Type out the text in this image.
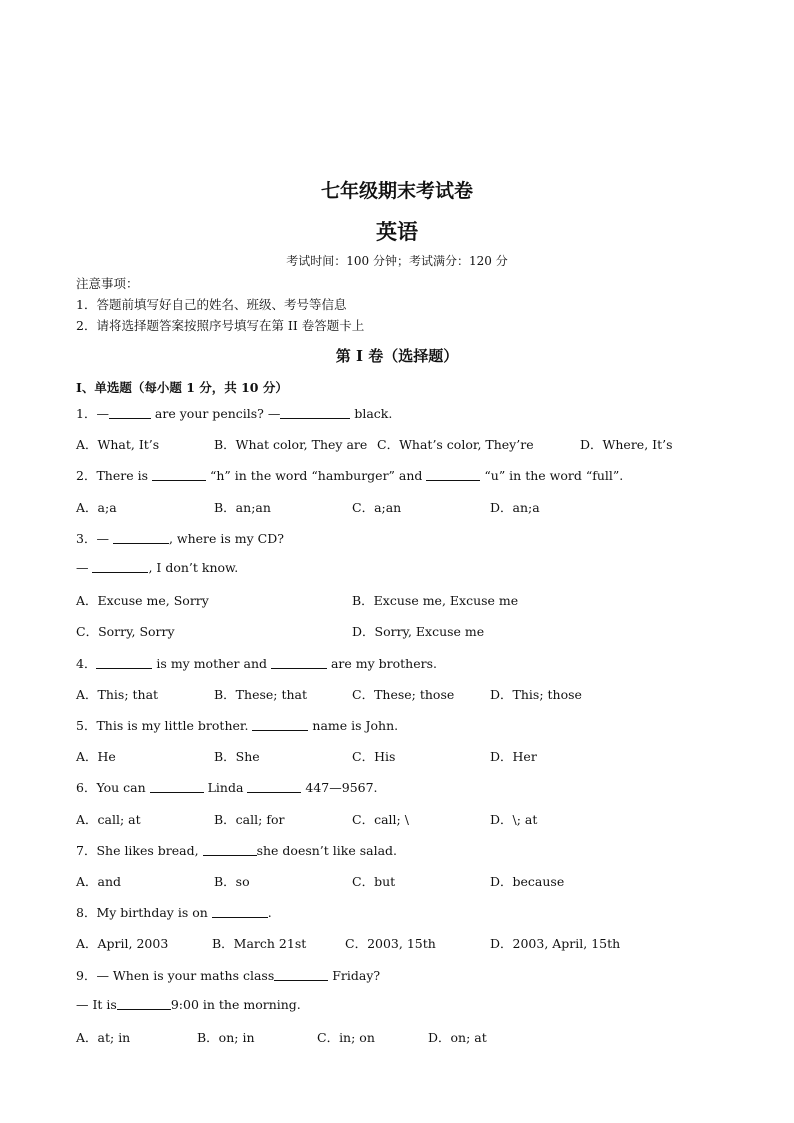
七年级期末考试卷
英语
考试时间：100 分钟；考试满分：120 分
注意事项：
1．答题前填写好自己的姓名、班级、考号等信息
2．请将选择题答案按照序号填写在第 II 卷答题卡上
第 I 卷（选择题）
I、单选题（每小题 1 分，共 10 分）
1．—	are your pencils? —	black.
A．What, It’s	B．What color, They are C．What’s color, They’re	D．Where, It’s
2．There is	“h” in the word “hamburger” and	“u” in the word “full”.
A．a;a	B．an;an	C．a;an	D．an;a
3．—	, where is my CD?
—	, I don’t know.
A．Excuse me, Sorry	B．Excuse me, Excuse me
C．Sorry, Sorry	D．Sorry, Excuse me
4．	is my mother and	are my brothers.
A．This; that	B．These; that	C．These; those	D．This; those
5．This is my little brother.	name is John.
A．He	B．She	C．His	D．Her
6．You can	Linda	447—9567.
A．call; at	B．call; for	C．call; \	D．\; at
7．She likes bread,	she doesn’t like salad.
A．and	B．so	C．but	D．because
8．My birthday is on	.
A．April, 2003	B．March 21st	C．2003, 15th	D．2003, April, 15th
9．— When is your maths class	Friday?
— It is	9:00 in the morning.
A．at; in	B．on; in	C．in; on	D．on; at
